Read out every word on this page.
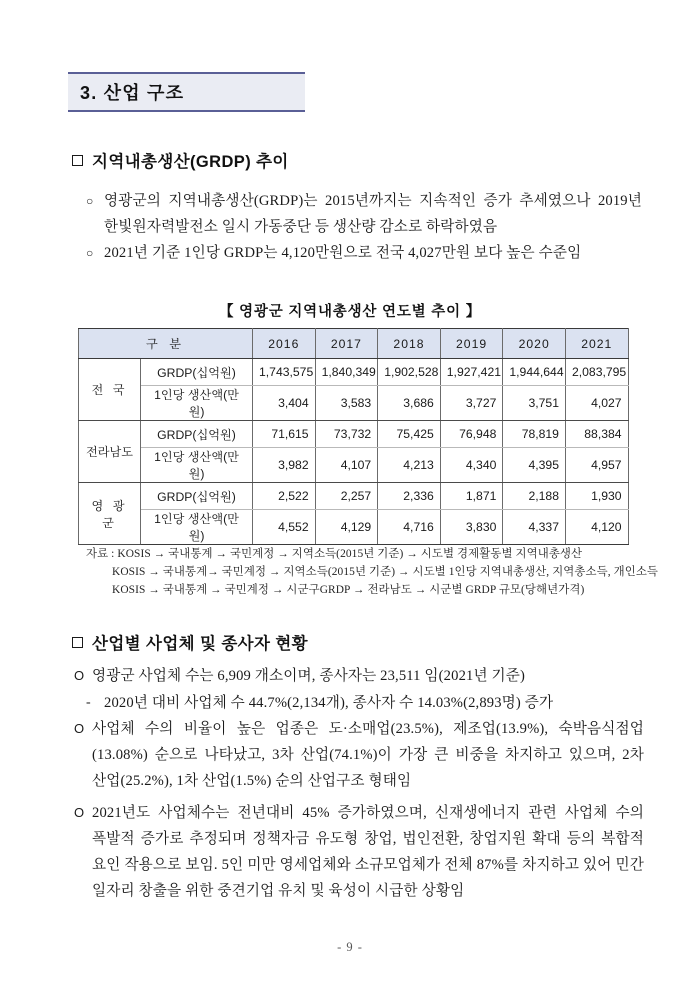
3. 산업 구조
지역내총생산(GRDP) 추이
○ 영광군의 지역내총생산(GRDP)는 2015년까지는 지속적인 증가 추세였으나 2019년 한빛원자력발전소 일시 가동중단 등 생산량 감소로 하락하였음
○ 2021년 기준 1인당 GRDP는 4,120만원으로 전국 4,027만원 보다 높은 수준임
【 영광군 지역내총생산 연도별 추이 】
구 분		2016	2017	2018	2019	2020	2021
전 국	GRDP(십억원)	1,743,575	1,840,349	1,902,528	1,927,421	1,944,644	2,083,795
	1인당 생산액(만원)	3,404	3,583	3,686	3,727	3,751	4,027
전라남도	GRDP(십억원)	71,615	73,732	75,425	76,948	78,819	88,384
	1인당 생산액(만원)	3,982	4,107	4,213	4,340	4,395	4,957
영 광 군	GRDP(십억원)	2,522	2,257	2,336	1,871	2,188	1,930
	1인당 생산액(만원)	4,552	4,129	4,716	3,830	4,337	4,120
자료 : KOSIS → 국내통계 → 국민계정 → 지역소득(2015년 기준) → 시도별 경제활동별 지역내총생산
KOSIS → 국내통계→ 국민계정 → 지역소득(2015년 기준) → 시도별 1인당 지역내총생산, 지역총소득, 개인소득
KOSIS → 국내통계 → 국민계정 → 시군구GRDP → 전라남도 → 시군별 GRDP 규모(당해년가격)
산업별 사업체 및 종사자 현황
O 영광군 사업체 수는 6,909 개소이며, 종사자는 23,511 임(2021년 기준)
- 2020년 대비 사업체 수 44.7%(2,134개), 종사자 수 14.03%(2,893명) 증가
O 사업체 수의 비율이 높은 업종은 도·소매업(23.5%), 제조업(13.9%), 숙박음식점업(13.08%) 순으로 나타났고, 3차 산업(74.1%)이 가장 큰 비중을 차지하고 있으며, 2차 산업(25.2%), 1차 산업(1.5%) 순의 산업구조 형태임
O 2021년도 사업체수는 전년대비 45% 증가하였으며, 신재생에너지 관련 사업체 수의 폭발적 증가로 추정되며 정책자금 유도형 창업, 법인전환, 창업지원 확대 등의 복합적 요인 작용으로 보임. 5인 미만 영세업체와 소규모업체가 전체 87%를 차지하고 있어 민간 일자리 창출을 위한 중견기업 유치 및 육성이 시급한 상황임
- 9 -
